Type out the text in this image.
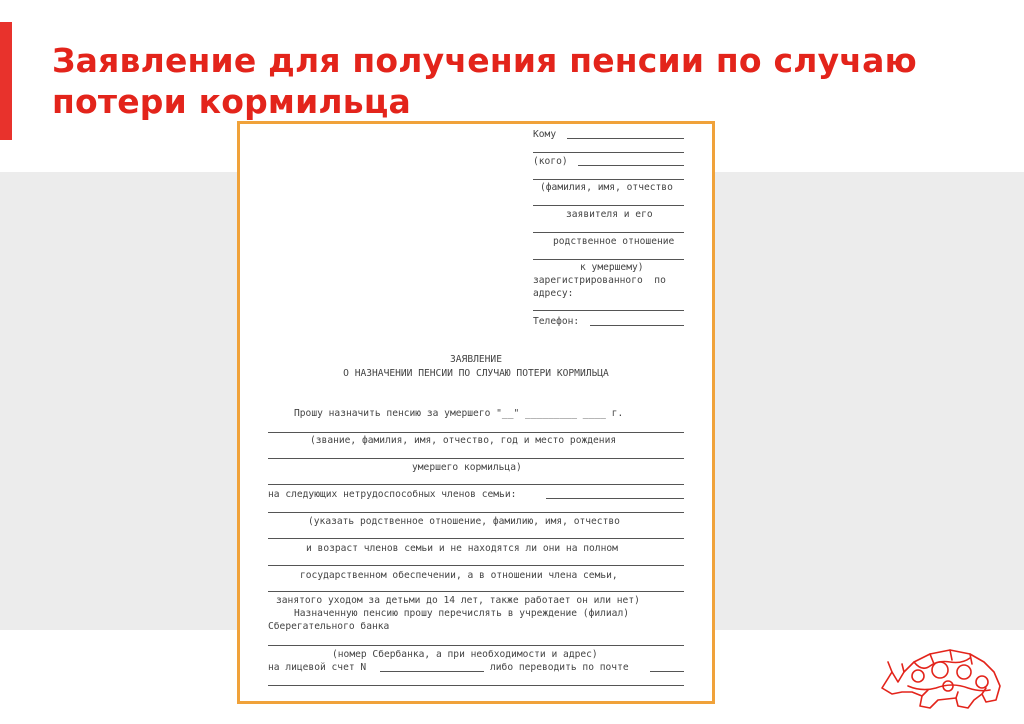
Заявление для получения пенсии по случаю потери кормильца
Кому
(кого)
(фамилия, имя, отчество
заявителя и его
родственное отношение
к умершему)
зарегистрированного  по
адресу:
Телефон:
ЗАЯВЛЕНИЕ
О НАЗНАЧЕНИИ ПЕНСИИ ПО СЛУЧАЮ ПОТЕРИ КОРМИЛЬЦА
Прошу назначить пенсию за умершего "__" _________ ____ г.
(звание, фамилия, имя, отчество, год и место рождения
умершего кормильца)
на следующих нетрудоспособных членов семьи:
(указать родственное отношение, фамилию, имя, отчество
и возраст членов семьи и не находятся ли они на полном
государственном обеспечении, а в отношении члена семьи,
занятого уходом за детьми до 14 лет, также работает он или нет)
Назначенную пенсию прошу перечислять в учреждение (филиал)
Сберегательного банка
(номер Сбербанка, а при необходимости и адрес)
на лицевой счет N	либо переводить по почте
